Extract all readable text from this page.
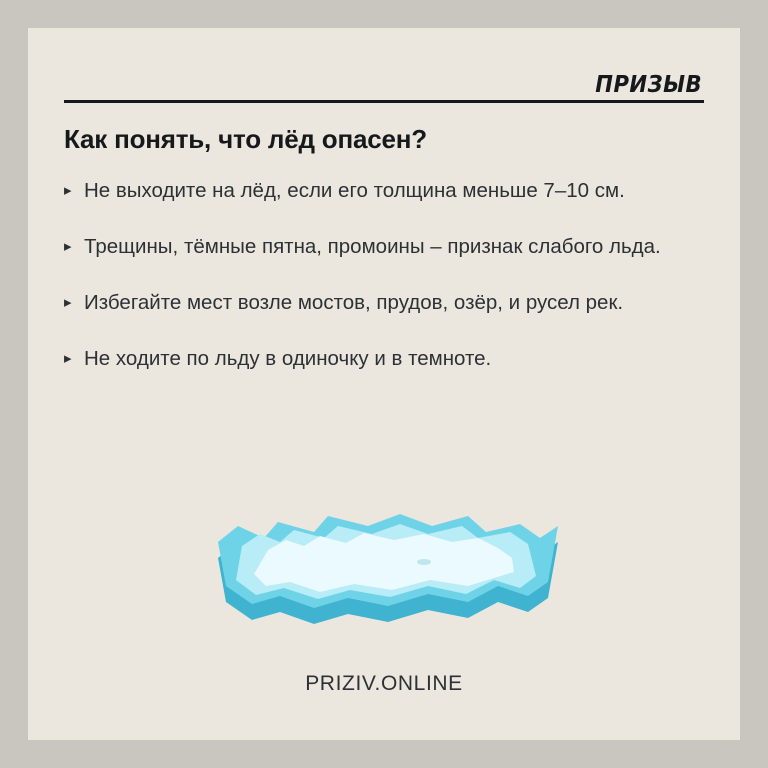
ПРИЗЫВ
Как понять, что лёд опасен?
▸ Не выходите на лёд, если его толщина меньше 7–10 см.
▸ Трещины, тёмные пятна, промоины – признак слабого льда.
▸ Избегайте мест возле мостов, прудов, озёр, и русел рек.
▸ Не ходите по льду в одиночку и в темноте.
PRIZIV.ONLINE
